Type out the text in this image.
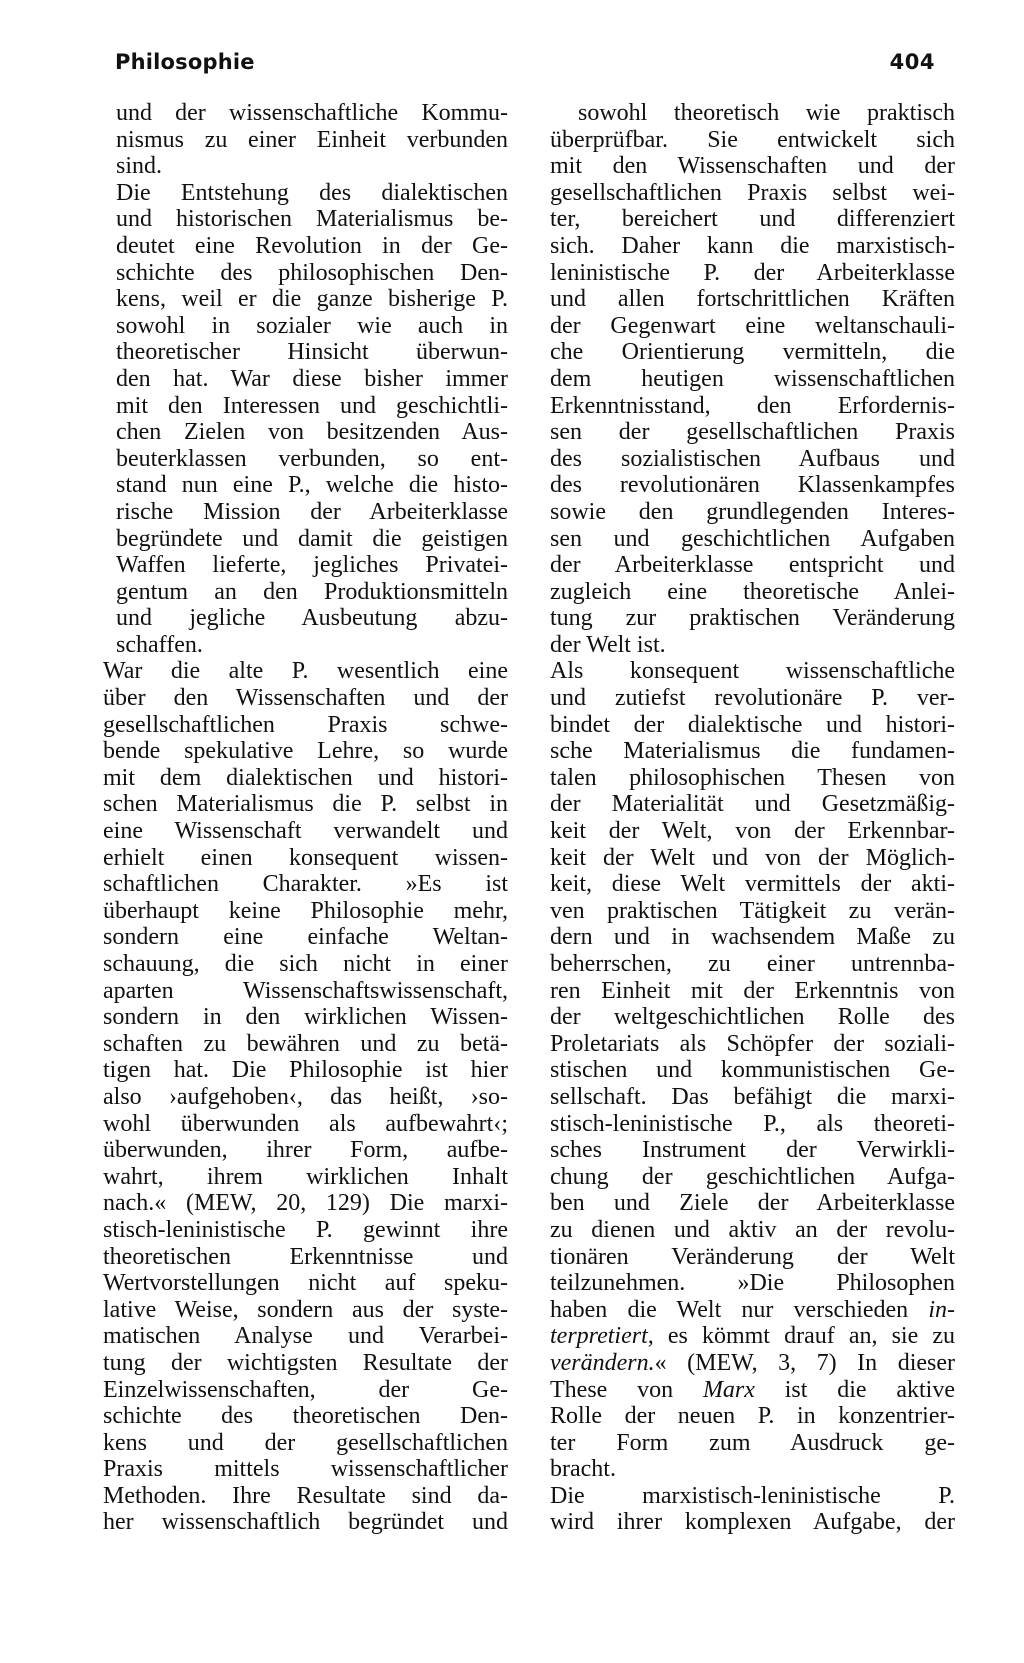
Philosophie	404
und der wissenschaftliche Kommu-
nismus zu einer Einheit verbunden
sind.
Die Entstehung des dialektischen
und historischen Materialismus be-
deutet eine Revolution in der Ge-
schichte des philosophischen Den-
kens, weil er die ganze bisherige P.
sowohl in sozialer wie auch in
theoretischer Hinsicht überwun-
den hat. War diese bisher immer
mit den Interessen und geschichtli-
chen Zielen von besitzenden Aus-
beuterklassen verbunden, so ent-
stand nun eine P., welche die histo-
rische Mission der Arbeiterklasse
begründete und damit die geistigen
Waffen lieferte, jegliches Privatei-
gentum an den Produktionsmitteln
und jegliche Ausbeutung abzu-
schaffen.
War die alte P. wesentlich eine
über den Wissenschaften und der
gesellschaftlichen Praxis schwe-
bende spekulative Lehre, so wurde
mit dem dialektischen und histori-
schen Materialismus die P. selbst in
eine Wissenschaft verwandelt und
erhielt einen konsequent wissen-
schaftlichen Charakter. »Es ist
überhaupt keine Philosophie mehr,
sondern eine einfache Weltan-
schauung, die sich nicht in einer
aparten Wissenschaftswissenschaft,
sondern in den wirklichen Wissen-
schaften zu bewähren und zu betä-
tigen hat. Die Philosophie ist hier
also ›aufgehoben‹, das heißt, ›so-
wohl überwunden als aufbewahrt‹;
überwunden, ihrer Form, aufbe-
wahrt, ihrem wirklichen Inhalt
nach.« (MEW, 20, 129) Die marxi-
stisch-leninistische P. gewinnt ihre
theoretischen Erkenntnisse und
Wertvorstellungen nicht auf speku-
lative Weise, sondern aus der syste-
matischen Analyse und Verarbei-
tung der wichtigsten Resultate der
Einzelwissenschaften, der Ge-
schichte des theoretischen Den-
kens und der gesellschaftlichen
Praxis mittels wissenschaftlicher
Methoden. Ihre Resultate sind da-
her wissenschaftlich begründet und
sowohl theoretisch wie praktisch
überprüfbar. Sie entwickelt sich
mit den Wissenschaften und der
gesellschaftlichen Praxis selbst wei-
ter, bereichert und differenziert
sich. Daher kann die marxistisch-
leninistische P. der Arbeiterklasse
und allen fortschrittlichen Kräften
der Gegenwart eine weltanschauli-
che Orientierung vermitteln, die
dem heutigen wissenschaftlichen
Erkenntnisstand, den Erfordernis-
sen der gesellschaftlichen Praxis
des sozialistischen Aufbaus und
des revolutionären Klassenkampfes
sowie den grundlegenden Interes-
sen und geschichtlichen Aufgaben
der Arbeiterklasse entspricht und
zugleich eine theoretische Anlei-
tung zur praktischen Veränderung
der Welt ist.
Als konsequent wissenschaftliche
und zutiefst revolutionäre P. ver-
bindet der dialektische und histori-
sche Materialismus die fundamen-
talen philosophischen Thesen von
der Materialität und Gesetzmäßig-
keit der Welt, von der Erkennbar-
keit der Welt und von der Möglich-
keit, diese Welt vermittels der akti-
ven praktischen Tätigkeit zu verän-
dern und in wachsendem Maße zu
beherrschen, zu einer untrennba-
ren Einheit mit der Erkenntnis von
der weltgeschichtlichen Rolle des
Proletariats als Schöpfer der soziali-
stischen und kommunistischen Ge-
sellschaft. Das befähigt die marxi-
stisch-leninistische P., als theoreti-
sches Instrument der Verwirkli-
chung der geschichtlichen Aufga-
ben und Ziele der Arbeiterklasse
zu dienen und aktiv an der revolu-
tionären Veränderung der Welt
teilzunehmen. »Die Philosophen
haben die Welt nur verschieden in-
terpretiert, es kömmt drauf an, sie zu
verändern.« (MEW, 3, 7) In dieser
These von Marx ist die aktive
Rolle der neuen P. in konzentrier-
ter Form zum Ausdruck ge-
bracht.
Die marxistisch-leninistische P.
wird ihrer komplexen Aufgabe, der
